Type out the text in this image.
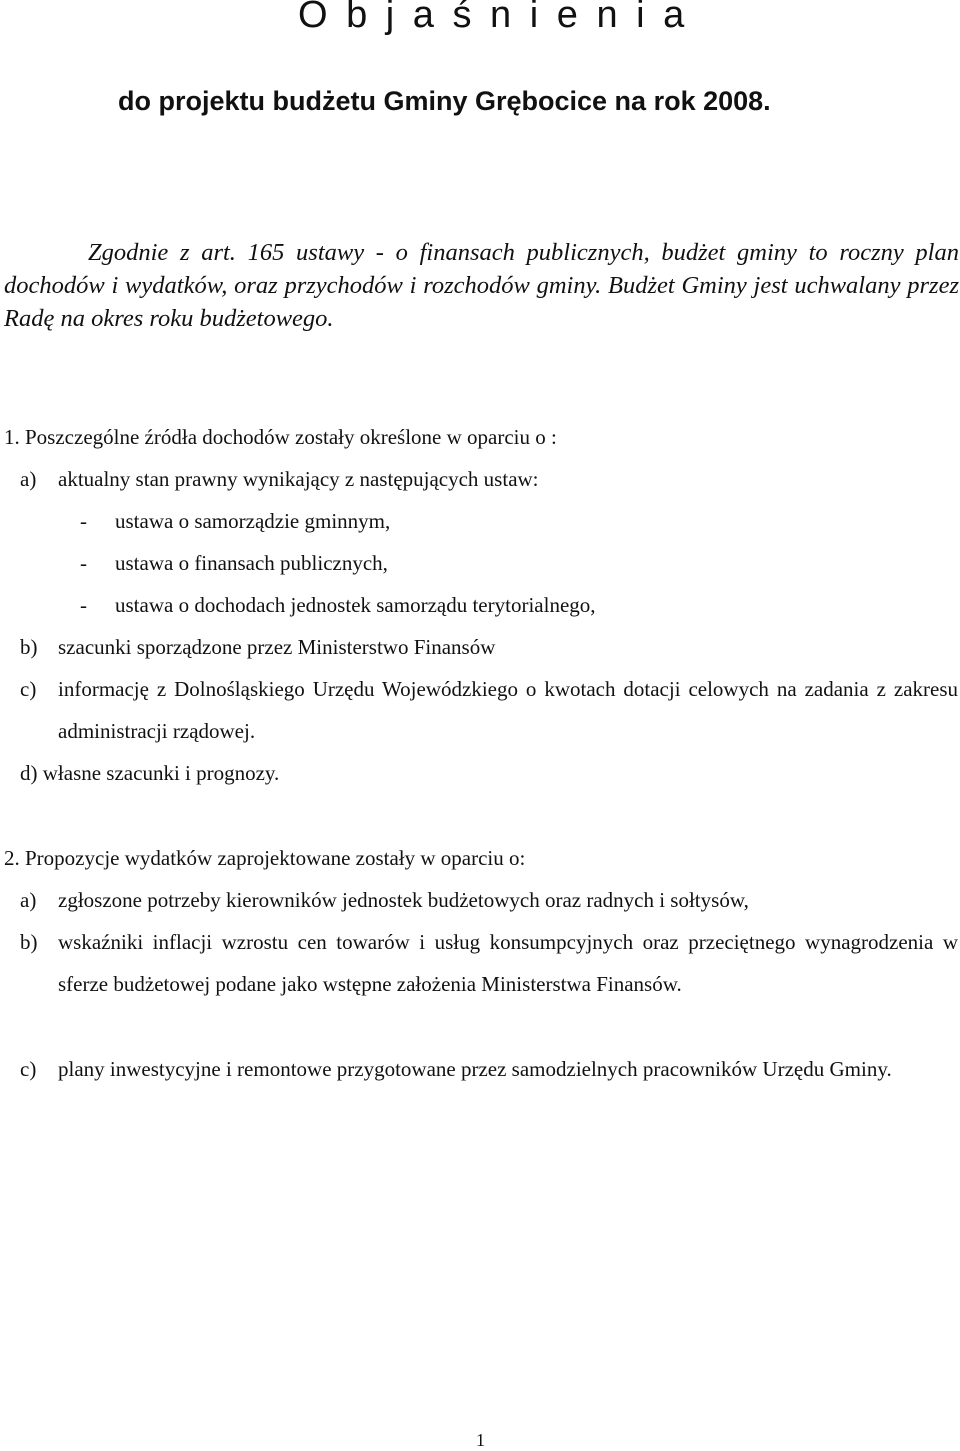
O b j a ś n i e n i a
do projektu budżetu Gminy Grębocice na rok 2008.

Zgodnie z art. 165 ustawy - o finansach publicznych, budżet gminy to roczny plan dochodów i wydatków, oraz przychodów i rozchodów gminy. Budżet Gminy jest uchwalany przez Radę na okres roku budżetowego.

1. Poszczególne źródła dochodów zostały określone w oparciu o :
a) aktualny stan prawny wynikający z następujących ustaw:
- ustawa o samorządzie gminnym,
- ustawa o finansach publicznych,
- ustawa o dochodach jednostek samorządu terytorialnego,
b) szacunki sporządzone przez Ministerstwo Finansów
c) informację z Dolnośląskiego Urzędu Wojewódzkiego o kwotach dotacji celowych na zadania z zakresu administracji rządowej.

d) własne szacunki i prognozy.
2. Propozycje wydatków zaprojektowane zostały w oparciu o:
a) zgłoszone potrzeby kierowników jednostek budżetowych oraz radnych i sołtysów,
b) wskaźniki inflacji wzrostu cen towarów i usług konsumpcyjnych oraz przeciętnego wynagrodzenia w sferze budżetowej podane jako wstępne założenia Ministerstwa Finansów.

c) plany inwestycyjne i remontowe przygotowane przez samodzielnych pracowników Urzędu Gminy.

1
